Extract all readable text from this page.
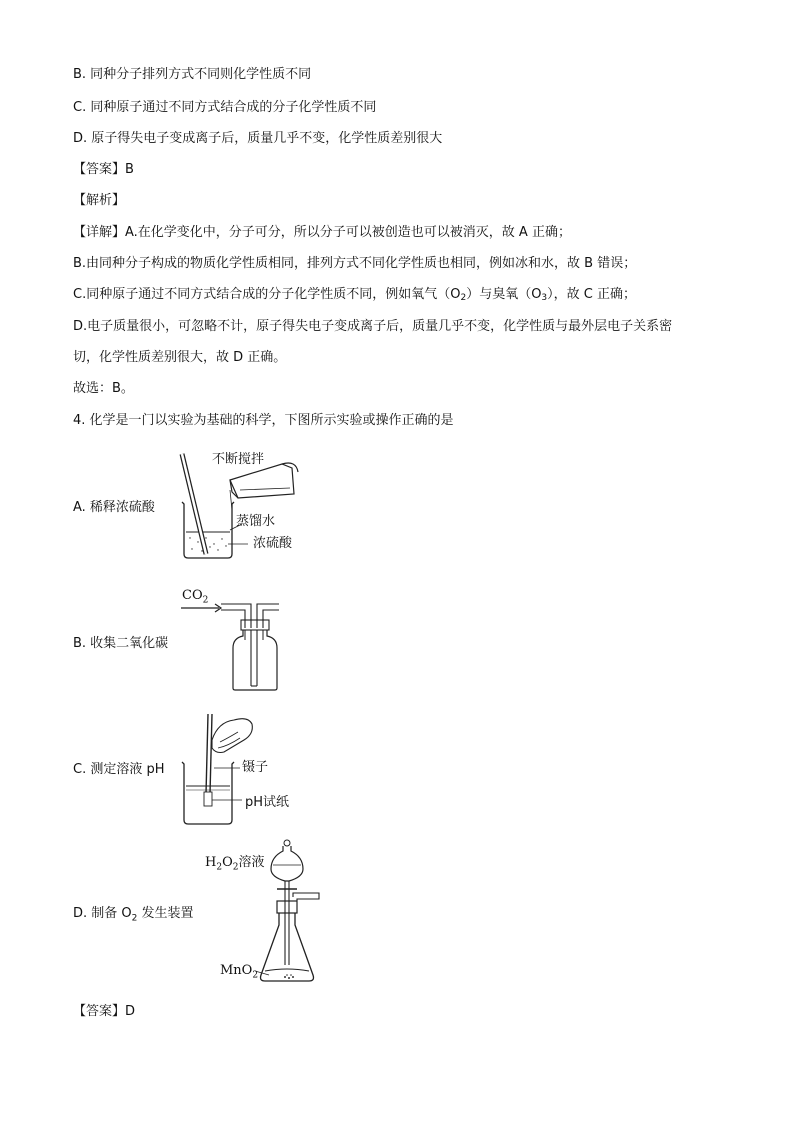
B. 同种分子排列方式不同则化学性质不同
C. 同种原子通过不同方式结合成的分子化学性质不同
D. 原子得失电子变成离子后，质量几乎不变，化学性质差别很大
【答案】B
【解析】
【详解】A.在化学变化中，分子可分，所以分子可以被创造也可以被消灭，故 A 正确；
B.由同种分子构成的物质化学性质相同，排列方式不同化学性质也相同，例如冰和水，故 B 错误；
C.同种原子通过不同方式结合成的分子化学性质不同，例如氧气$(O_2)$与臭氧$(O_3)$，故 C 正确；
D.电子质量很小，可忽略不计，原子得失电子变成离子后，质量几乎不变，化学性质与最外层电子关系密
切，化学性质差别很大，故 D 正确。
故选：B。
4. 化学是一门以实验为基础的科学，下图所示实验或操作正确的是
A. 稀释浓硫酸
不断搅拌
蒸馏水
浓硫酸
B. 收集二氧化碳
$CO_2$
C. 测定溶液 pH	镊子
pH试纸
D. 制备 $O_2$ 发生装置
$H_2O_2$溶液
MnO$_2$
【答案】D
